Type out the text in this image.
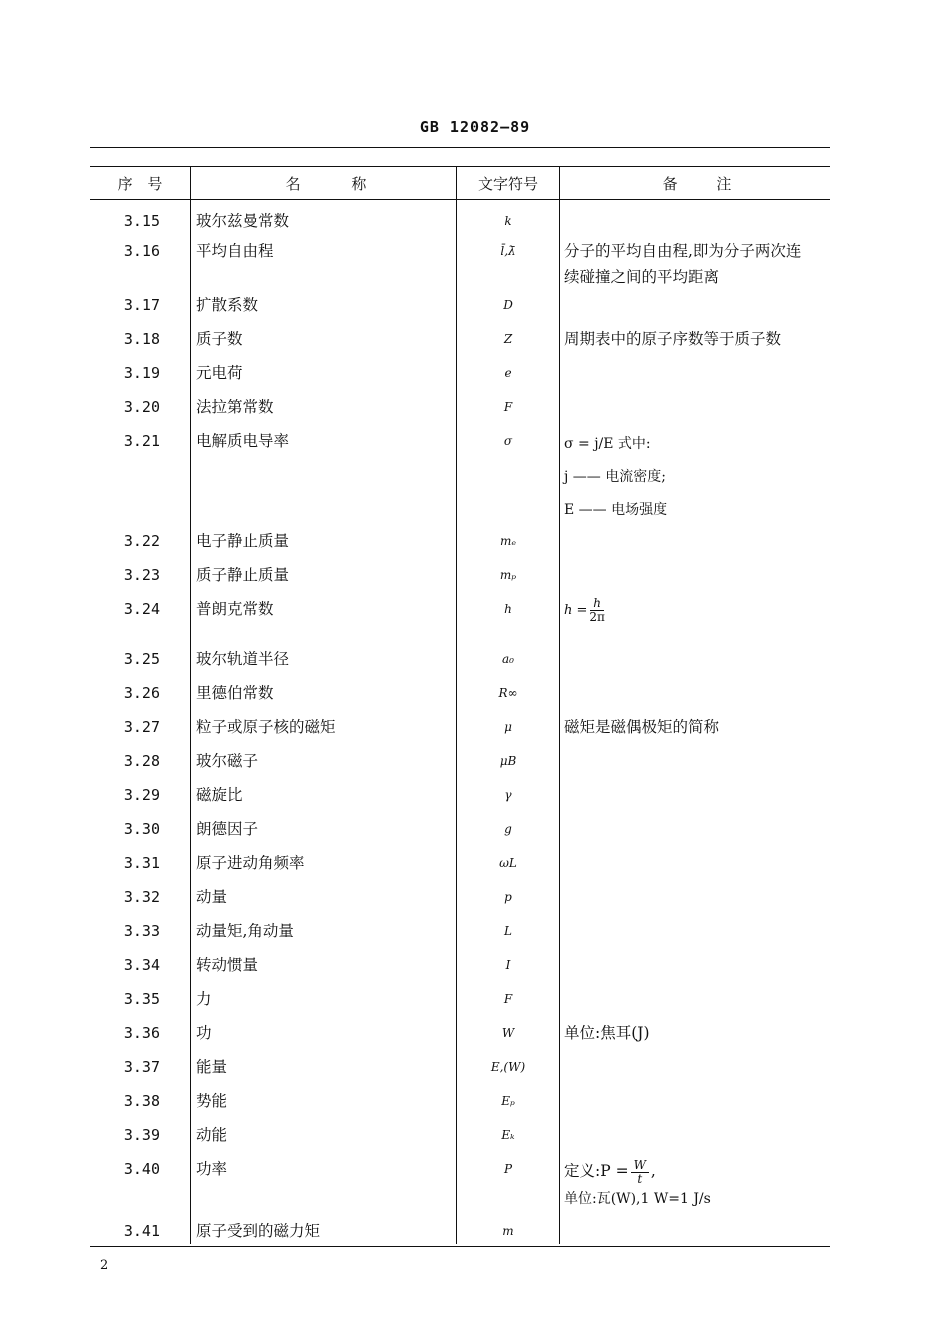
GB 12082—89
序 号	名 称	文字符号	备 注
3.15	玻尔兹曼常数	k
3.16	平均自由程	l̄,λ̄	分子的平均自由程,即为分子两次连
续碰撞之间的平均距离
3.17	扩散系数	D
3.18	质子数	Z	周期表中的原子序数等于质子数
3.19	元电荷	e
3.20	法拉第常数	F
3.21	电解质电导率	σ	σ = j/E 式中:
j —— 电流密度;
E —— 电场强度
3.22	电子静止质量	mₑ
3.23	质子静止质量	mₚ
3.24	普朗克常数	h	$h = \frac{h}{2\pi}$
3.25	玻尔轨道半径	a₀
3.26	里德伯常数	R∞
3.27	粒子或原子核的磁矩	μ	磁矩是磁偶极矩的简称
3.28	玻尔磁子	μB
3.29	磁旋比	γ
3.30	朗德因子	g
3.31	原子进动角频率	ωL
3.32	动量	p
3.33	动量矩,角动量	L
3.34	转动惯量	I
3.35	力	F
3.36	功	W	单位:焦耳(J)
3.37	能量	E,(W)
3.38	势能	Eₚ
3.39	动能	Eₖ
3.40	功率	P	定义:P = $\frac{W}{t}$ ,
单位:瓦(W),1 W=1 J/s
3.41	原子受到的磁力矩	m
2
